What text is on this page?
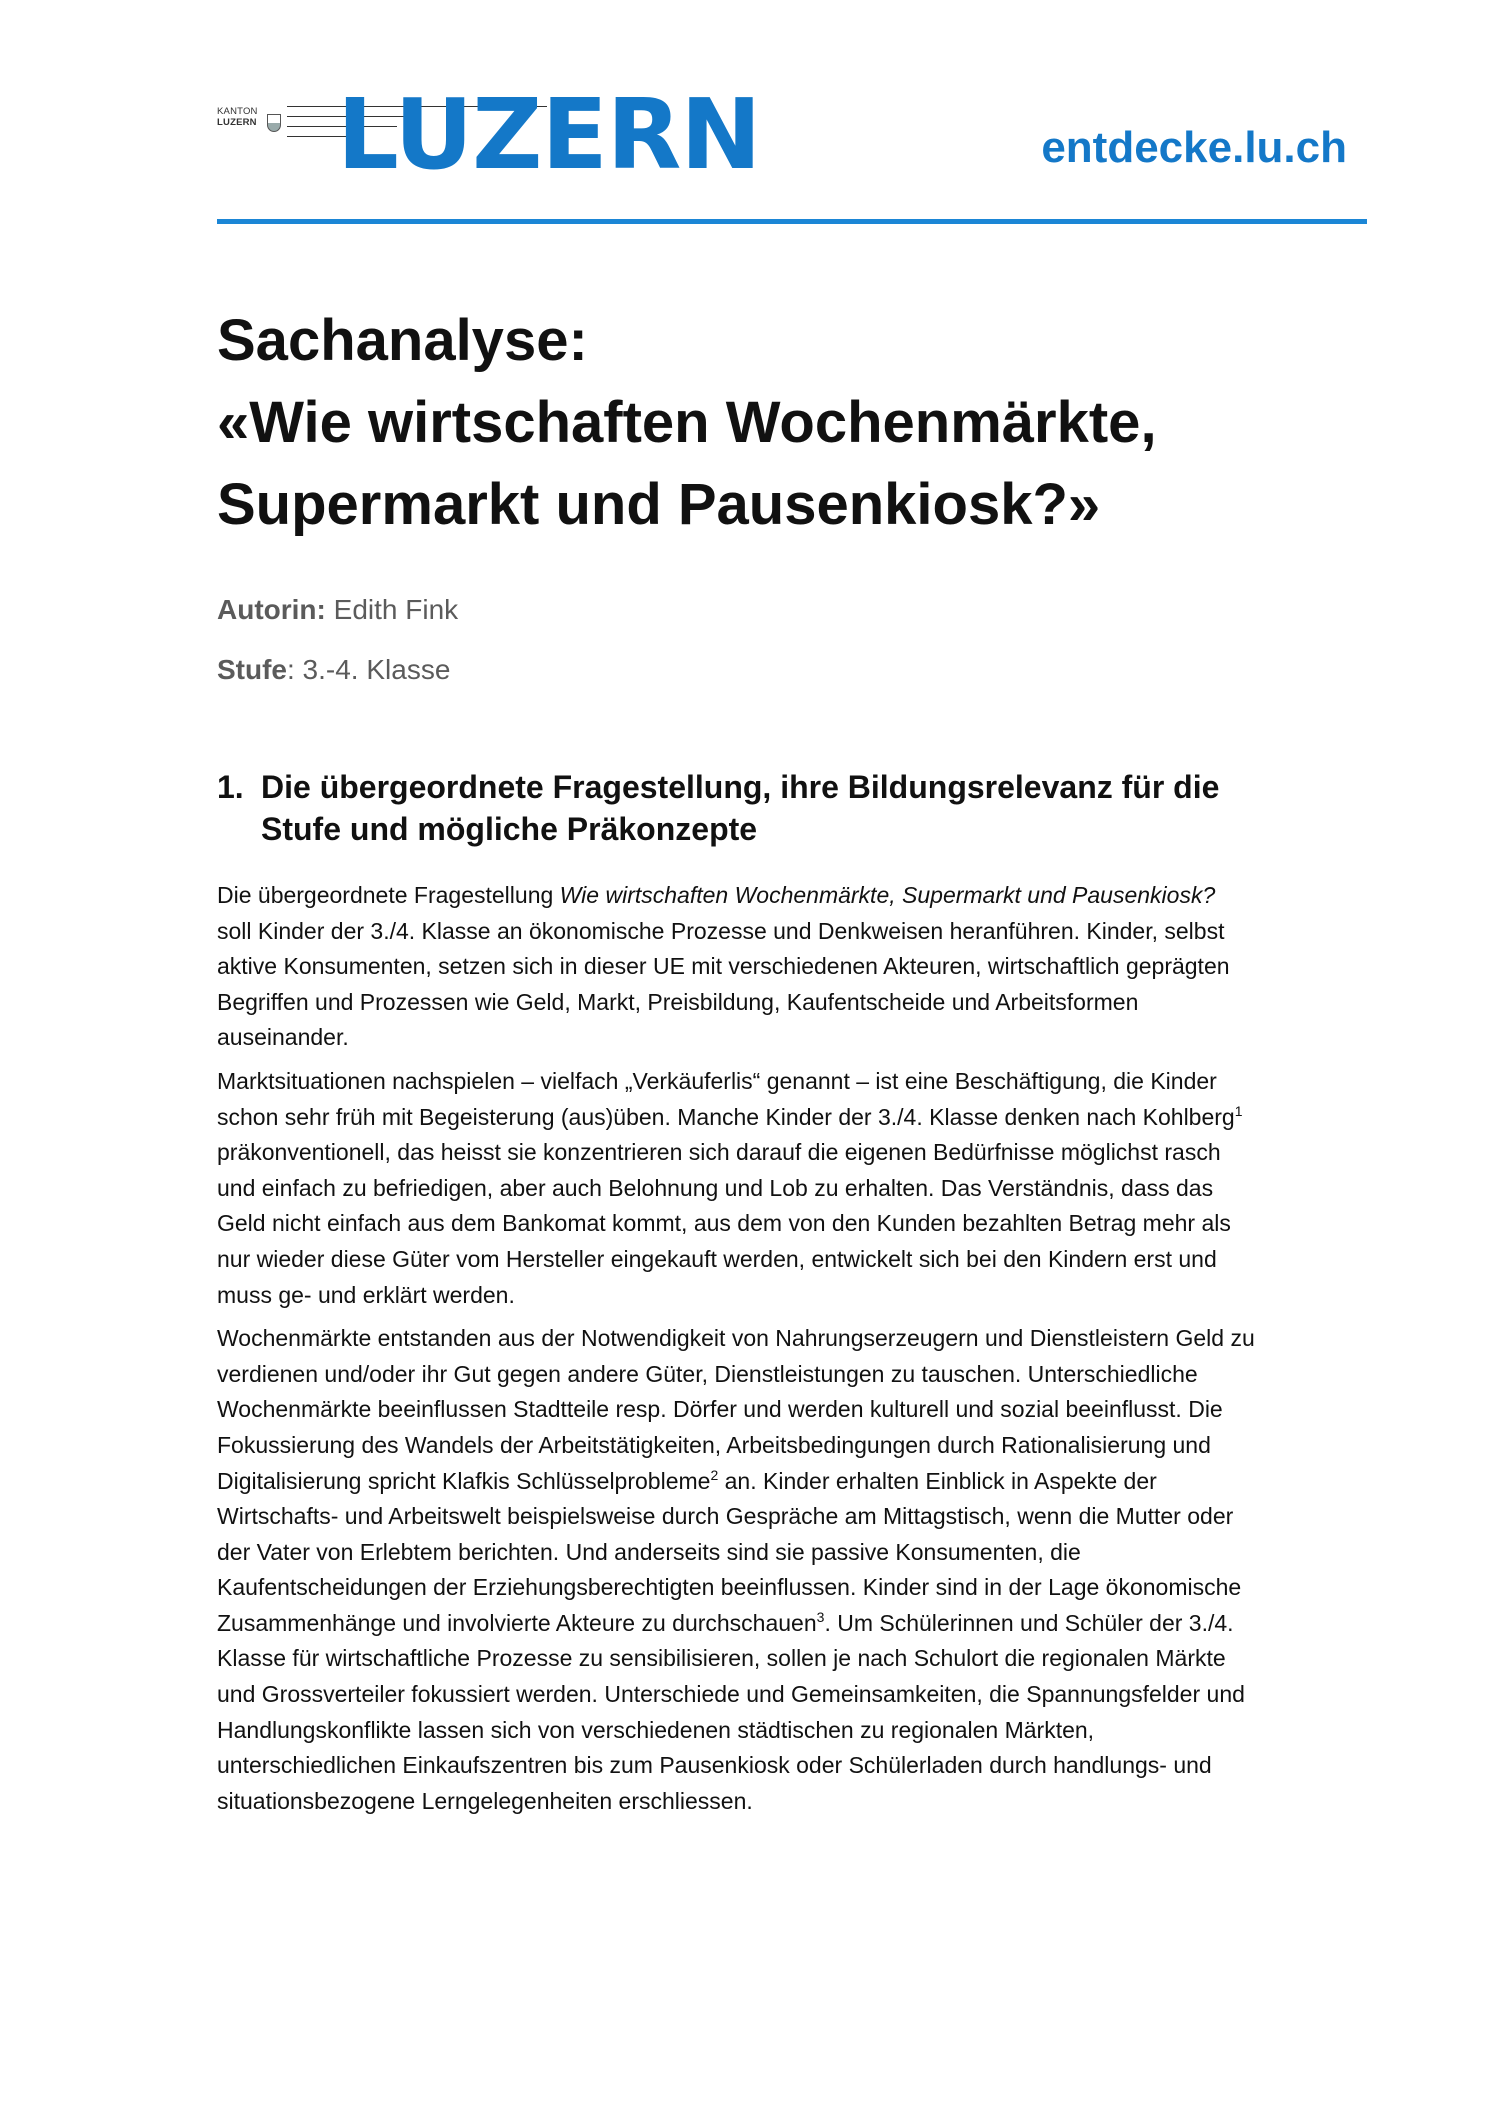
KANTON
LUZERN LUZERN	entdecke.lu.ch
Sachanalyse:
«Wie wirtschaften Wochenmärkte,
Supermarkt und Pausenkiosk?»
Autorin: Edith Fink
Stufe: 3.-4. Klasse
1. Die übergeordnete Fragestellung, ihre Bildungsrelevanz für die
Stufe und mögliche Präkonzepte

Die übergeordnete Fragestellung Wie wirtschaften Wochenmärkte, Supermarkt und Pausenkiosk?
soll Kinder der 3./4. Klasse an ökonomische Prozesse und Denkweisen heranführen. Kinder, selbst
aktive Konsumenten, setzen sich in dieser UE mit verschiedenen Akteuren, wirtschaftlich geprägten
Begriffen und Prozessen wie Geld, Markt, Preisbildung, Kaufentscheide und Arbeitsformen
auseinander.

Marktsituationen nachspielen – vielfach „Verkäuferlis“ genannt – ist eine Beschäftigung, die Kinder
schon sehr früh mit Begeisterung (aus)üben. Manche Kinder der 3./4. Klasse denken nach Kohlberg$^1$
präkonventionell, das heisst sie konzentrieren sich darauf die eigenen Bedürfnisse möglichst rasch
und einfach zu befriedigen, aber auch Belohnung und Lob zu erhalten. Das Verständnis, dass das
Geld nicht einfach aus dem Bankomat kommt, aus dem von den Kunden bezahlten Betrag mehr als
nur wieder diese Güter vom Hersteller eingekauft werden, entwickelt sich bei den Kindern erst und
muss ge- und erklärt werden.

Wochenmärkte entstanden aus der Notwendigkeit von Nahrungserzeugern und Dienstleistern Geld zu
verdienen und/oder ihr Gut gegen andere Güter, Dienstleistungen zu tauschen. Unterschiedliche
Wochenmärkte beeinflussen Stadtteile resp. Dörfer und werden kulturell und sozial beeinflusst. Die
Fokussierung des Wandels der Arbeitstätigkeiten, Arbeitsbedingungen durch Rationalisierung und
Digitalisierung spricht Klafkis Schlüsselprobleme$^2$ an. Kinder erhalten Einblick in Aspekte der
Wirtschafts- und Arbeitswelt beispielsweise durch Gespräche am Mittagstisch, wenn die Mutter oder
der Vater von Erlebtem berichten. Und anderseits sind sie passive Konsumenten, die
Kaufentscheidungen der Erziehungsberechtigten beeinflussen. Kinder sind in der Lage ökonomische
Zusammenhänge und involvierte Akteure zu durchschauen$^3$. Um Schülerinnen und Schüler der 3./4.
Klasse für wirtschaftliche Prozesse zu sensibilisieren, sollen je nach Schulort die regionalen Märkte
und Grossverteiler fokussiert werden. Unterschiede und Gemeinsamkeiten, die Spannungsfelder und
Handlungskonflikte lassen sich von verschiedenen städtischen zu regionalen Märkten,
unterschiedlichen Einkaufszentren bis zum Pausenkiosk oder Schülerladen durch handlungs- und
situationsbezogene Lerngelegenheiten erschliessen.
